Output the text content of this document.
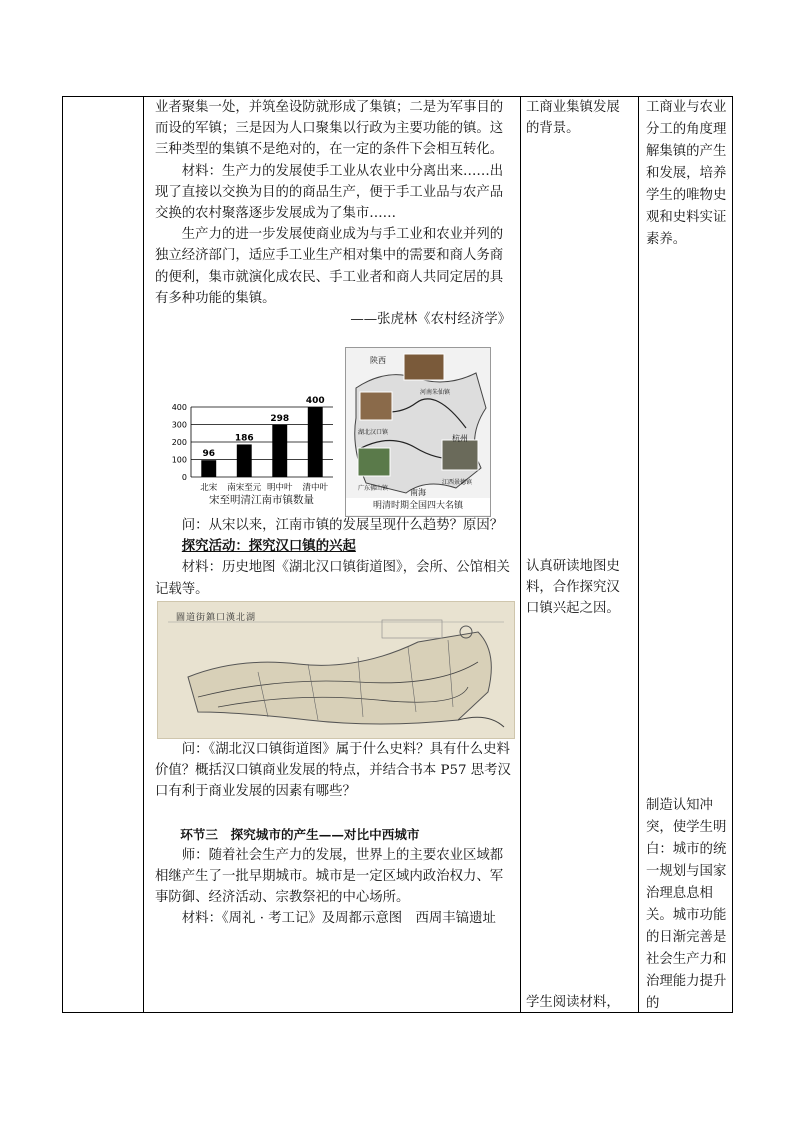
业者聚集一处，并筑垒设防就形成了集镇；二是为军事目的而设的军镇；三是因为人口聚集以行政为主要功能的镇。这三种类型的集镇不是绝对的，在一定的条件下会相互转化。

材料：生产力的发展使手工业从农业中分离出来……出现了直接以交换为目的的商品生产，便于手工业品与农产品交换的农村聚落逐步发展成为了集市……

生产力的进一步发展使商业成为与手工业和农业并列的独立经济部门，适应手工业生产相对集中的需要和商人务商的便利，集市就演化成农民、手工业者和商人共同定居的具有多种功能的集镇。

——张虎林《农村经济学》

0
100
200
300
400
96
北宋
186
南宋至元
298
明中叶
400
清中叶
宋至明清江南市镇数量
陕西
河南朱仙镇
湖北汉口镇
杭州
广东佛山镇
江西景德镇
南海
明清时期全国四大名镇

问：从宋以来，江南市镇的发展呈现什么趋势？原因？

探究活动：探究汉口镇的兴起

材料：历史地图《湖北汉口镇街道图》，会所、公馆相关记载等。

圖道街鎮口漢北湖

问：《湖北汉口镇街道图》属于什么史料？具有什么史料价值？概括汉口镇商业发展的特点，并结合书本 P57 思考汉口有利于商业发展的因素有哪些？

环节三　探究城市的产生——对比中西城市

师：随着社会生产力的发展，世界上的主要农业区域都相继产生了一批早期城市。城市是一定区域内政治权力、军事防御、经济活动、宗教祭祀的中心场所。

材料：《周礼 · 考工记》及周都示意图　西周丰镐遗址

工商业集镇发展的背景。

认真研读地图史料，合作探究汉口镇兴起之因。

学生阅读材料，

工商业与农业分工的角度理解集镇的产生和发展，培养学生的唯物史观和史料实证素养。

制造认知冲突，使学生明白：城市的统一规划与国家治理息息相关。城市功能的日渐完善是社会生产力和治理能力提升的
